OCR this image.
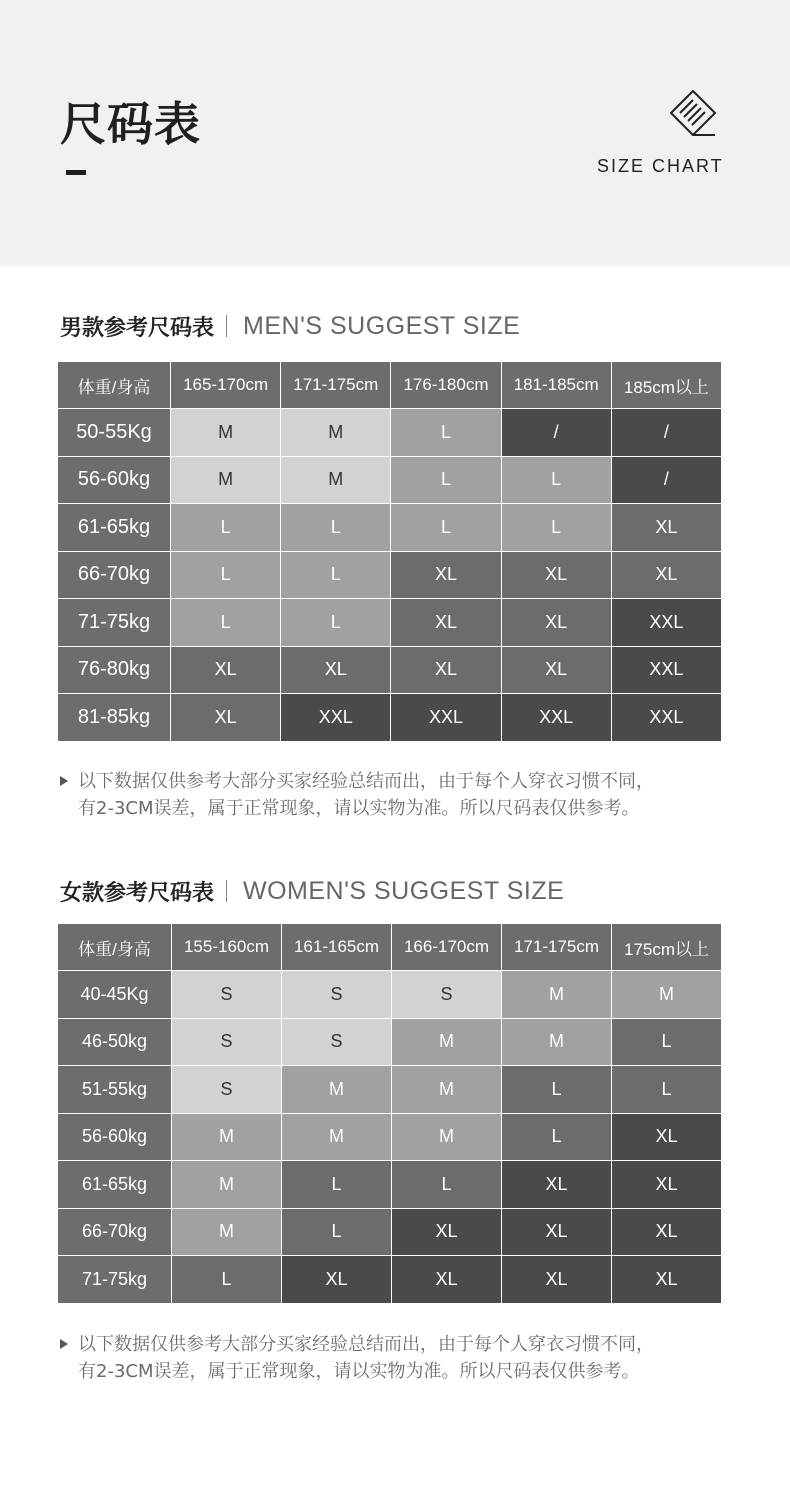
尺码表
SIZE CHART
男款参考尺码表 MEN'S SUGGEST SIZE
体重/身高	165-170cm	171-175cm	176-180cm	181-185cm	185cm以上
50-55Kg	M	M	L	/	/
56-60kg	M	M	L	L	/
61-65kg	L	L	L	L	XL
66-70kg	L	L	XL	XL	XL
71-75kg	L	L	XL	XL	XXL
76-80kg	XL	XL	XL	XL	XXL
81-85kg	XL	XXL	XXL	XXL	XXL
以下数据仅供参考大部分买家经验总结而出，由于每个人穿衣习惯不同，
有2-3CM误差，属于正常现象，请以实物为准。所以尺码表仅供参考。
女款参考尺码表 WOMEN'S SUGGEST SIZE
体重/身高	155-160cm	161-165cm	166-170cm	171-175cm	175cm以上
40-45Kg	S	S	S	M	M
46-50kg	S	S	M	M	L
51-55kg	S	M	M	L	L
56-60kg	M	M	M	L	XL
61-65kg	M	L	L	XL	XL
66-70kg	M	L	XL	XL	XL
71-75kg	L	XL	XL	XL	XL
以下数据仅供参考大部分买家经验总结而出，由于每个人穿衣习惯不同，
有2-3CM误差，属于正常现象，请以实物为准。所以尺码表仅供参考。
